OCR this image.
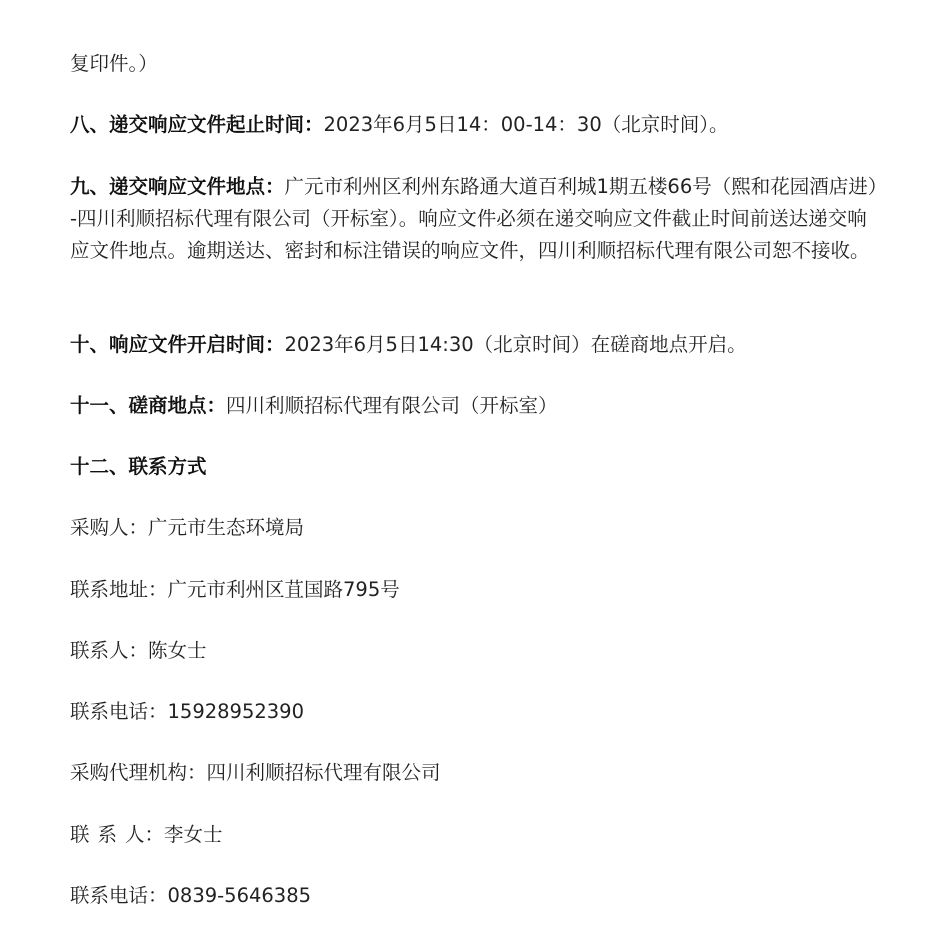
复印件。）

八、递交响应文件起止时间：2023年6月5日14：00-14：30（北京时间）。

九、递交响应文件地点：广元市利州区利州东路通大道百利城1期五楼66号（熙和花园酒店进）-四川利顺招标代理有限公司（开标室）。响应文件必须在递交响应文件截止时间前送达递交响应文件地点。逾期送达、密封和标注错误的响应文件，四川利顺招标代理有限公司恕不接收。

十、响应文件开启时间：2023年6月5日14:30（北京时间）在磋商地点开启。

十一、磋商地点：四川利顺招标代理有限公司（开标室）

十二、联系方式

采购人：广元市生态环境局

联系地址：广元市利州区苴国路795号

联系人：陈女士

联系电话：15928952390

采购代理机构：四川利顺招标代理有限公司

联 系 人：李女士

联系电话：0839-5646385
